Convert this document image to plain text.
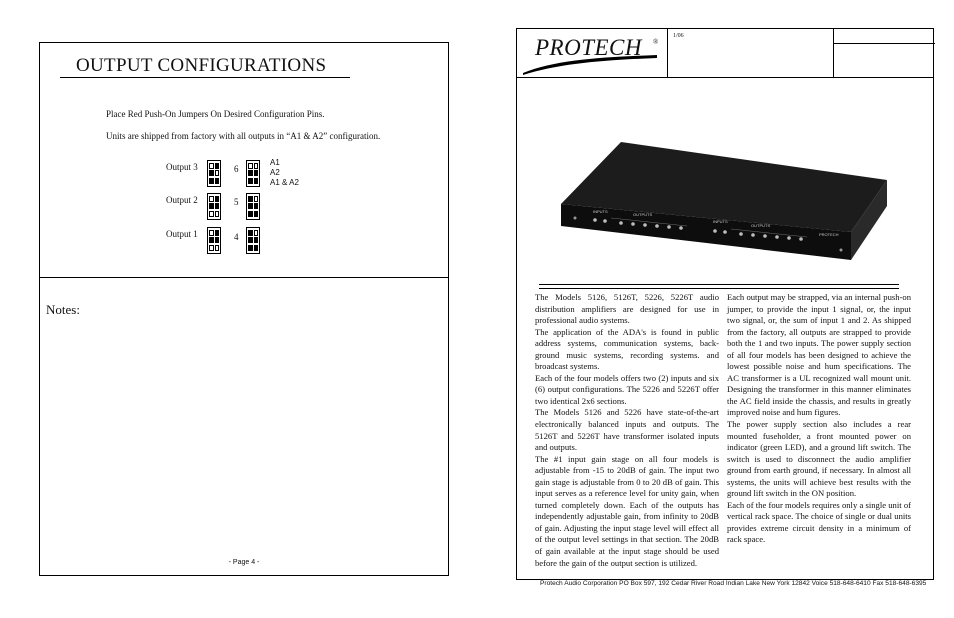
OUTPUT CONFIGURATIONS
Place Red Push-On Jumpers On Desired Configuration Pins.
Units are shipped from factory with all outputs in “A1 & A2” configuration.
Output 3	6
A1
A2
A1 & A2
Output 2	5
Output 1	4
Notes:
- Page 4 -
PROTECH ®
1/06
INPUTS
OUTPUTS
INPUTS
OUTPUTS
PROTECH

The Models 5126, 5126T, 5226, 5226T audio distribution amplifiers are designed for use in professional audio systems.

The application of the ADA's is found in public address systems, communication systems, back-ground music systems, recording systems. and broadcast systems.

Each of the four models offers two (2) inputs and six (6) output configurations. The 5226 and 5226T offer two identical 2x6 sections.

The Models 5126 and 5226 have state-of-the-art electronically balanced inputs and outputs. The 5126T and 5226T have transformer isolated inputs and outputs.

The #1 input gain stage on all four models is adjustable from -15 to 20dB of gain. The input two gain stage is adjustable from 0 to 20 dB of gain. This input serves as a reference level for unity gain, when turned completely down. Each of the outputs has independently adjustable gain, from infinity to 20dB of gain. Adjusting the input stage level will effect all of the output level settings in that section. The 20dB of gain available at the input stage should be used before the gain of the output section is utilized.

Each output may be strapped, via an internal push-on jumper, to provide the input 1 signal, or, the input two signal, or, the sum of input 1 and 2. As shipped from the factory, all outputs are strapped to provide both the 1 and two inputs. The power supply section of all four models has been designed to achieve the lowest possible noise and hum specifications. The AC transformer is a UL recognized wall mount unit. Designing the transformer in this manner eliminates the AC field inside the chassis, and results in greatly improved noise and hum figures.

The power supply section also includes a rear mounted fuseholder, a front mounted power on indicator (green LED), and a ground lift switch. The switch is used to disconnect the audio amplifier ground from earth ground, if necessary. In almost all systems, the units will achieve best results with the ground lift switch in the ON position.

Each of the four models requires only a single unit of vertical rack space. The choice of single or dual units provides extreme circuit density in a minimum of rack space.

Protech Audio Corporation PO Box 597, 192 Cedar River Road Indian Lake New York 12842 Voice 518-648-6410 Fax 518-648-6395
